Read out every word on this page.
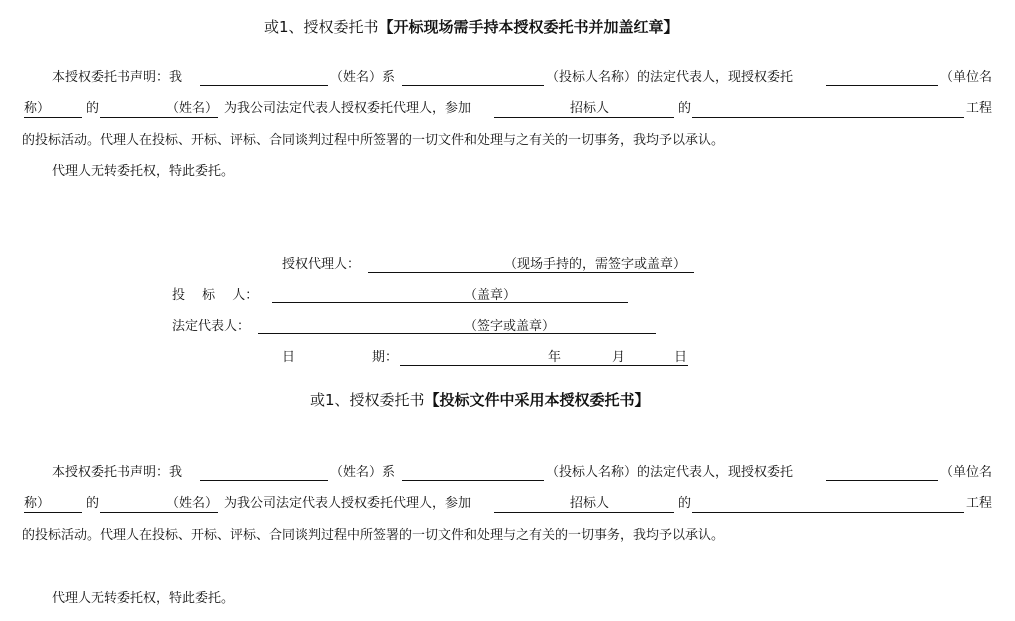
或1、授权委托书【开标现场需手持本授权委托书并加盖红章】
本授权委托书声明：我	（姓名）系	（投标人名称）的法定代表人，现授权委托	（单位名
称）	的	（姓名） 为我公司法定代表人授权委托代理人，参加	招标人	的	工程
的投标活动。代理人在投标、开标、评标、合同谈判过程中所签署的一切文件和处理与之有关的一切事务，我均予以承认。
代理人无转委托权，特此委托。
授权代理人：	（现场手持的，需签字或盖章）
投　 标　 人：	（盖章）
法定代表人：	（签字或盖章）
日	期：	年	月	日
或1、授权委托书【投标文件中采用本授权委托书】
本授权委托书声明：我	（姓名）系	（投标人名称）的法定代表人，现授权委托	（单位名
称）	的	（姓名） 为我公司法定代表人授权委托代理人，参加	招标人	的	工程
的投标活动。代理人在投标、开标、评标、合同谈判过程中所签署的一切文件和处理与之有关的一切事务，我均予以承认。
代理人无转委托权，特此委托。
